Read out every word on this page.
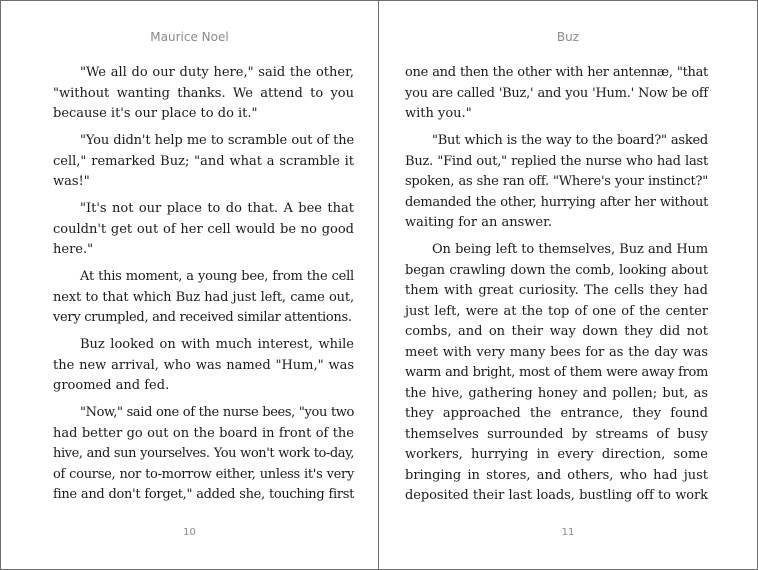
Maurice Noel
"We all do our duty here," said the other,
"without wanting thanks. We attend to you
because it's our place to do it."
"You didn't help me to scramble out of the
cell," remarked Buz; "and what a scramble it
was!"
"It's not our place to do that. A bee that
couldn't get out of her cell would be no good
here."
At this moment, a young bee, from the cell
next to that which Buz had just left, came out,
very crumpled, and received similar attentions.
Buz looked on with much interest, while
the new arrival, who was named "Hum," was
groomed and fed.
"Now," said one of the nurse bees, "you two
had better go out on the board in front of the
hive, and sun yourselves. You won't work to-day,
of course, nor to-morrow either, unless it's very
fine and don't forget," added she, touching first
10
Buz
one and then the other with her antennæ, "that
you are called 'Buz,' and you 'Hum.' Now be off
with you."
"But which is the way to the board?" asked
Buz. "Find out," replied the nurse who had last
spoken, as she ran off. "Where's your instinct?"
demanded the other, hurrying after her without
waiting for an answer.
On being left to themselves, Buz and Hum
began crawling down the comb, looking about
them with great curiosity. The cells they had
just left, were at the top of one of the center
combs, and on their way down they did not
meet with very many bees for as the day was
warm and bright, most of them were away from
the hive, gathering honey and pollen; but, as
they approached the entrance, they found
themselves surrounded by streams of busy
workers, hurrying in every direction, some
bringing in stores, and others, who had just
deposited their last loads, bustling off to work
11
